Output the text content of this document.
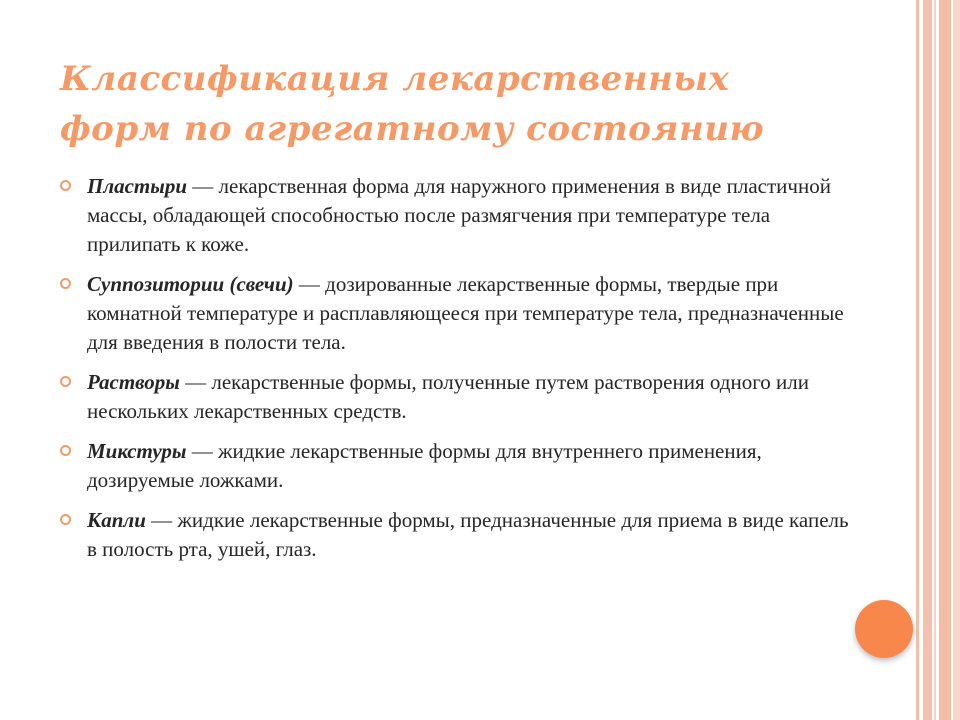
Классификация лекарственных форм по агрегатному состоянию
Пластыри — лекарственная форма для наружного применения в виде пластичной массы, обладающей способностью после размягчения при температуре тела прилипать к коже.
Суппозитории (свечи) — дозированные лекарственные формы, твердые при комнатной температуре и расплавляющееся при температуре тела, предназначенные для введения в полости тела.
Растворы — лекарственные формы, полученные путем растворения одного или нескольких лекарственных средств.
Микстуры — жидкие лекарственные формы для внутреннего применения, дозируемые ложками.
Капли — жидкие лекарственные формы, предназначенные для приема в виде капель в полость рта, ушей, глаз.
